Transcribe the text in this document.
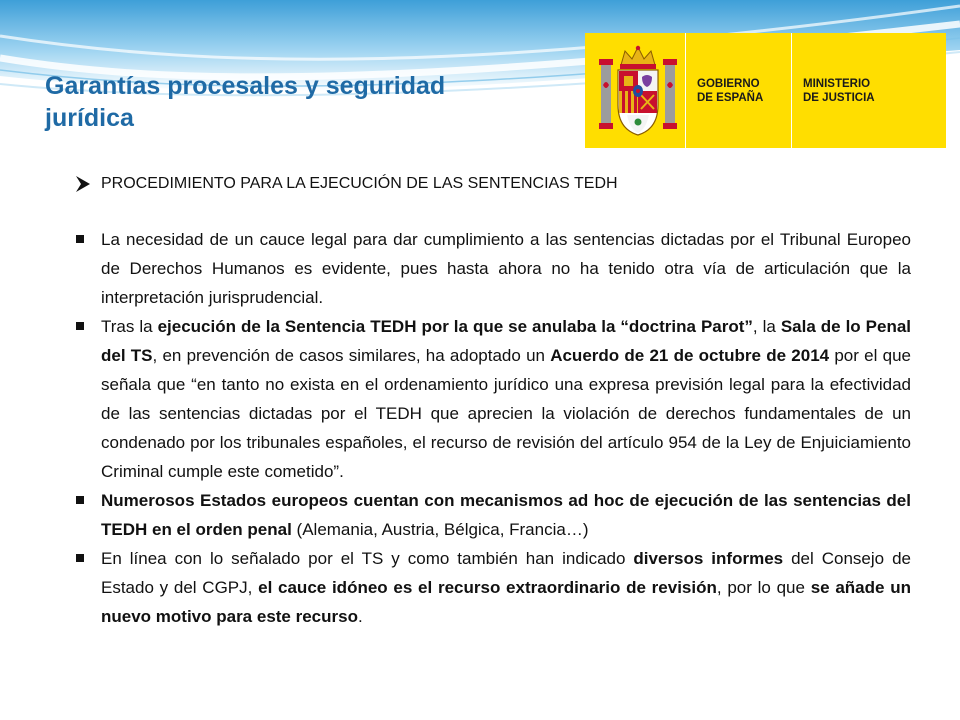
Garantías procesales y seguridad jurídica
GOBIERNO
DE ESPAÑA
MINISTERIO
DE JUSTICIA
PROCEDIMIENTO PARA LA EJECUCIÓN DE LAS SENTENCIAS TEDH
La necesidad de un cauce legal para dar cumplimiento a las sentencias dictadas por el Tribunal Europeo de Derechos Humanos es evidente, pues hasta ahora no ha tenido otra vía de articulación que la interpretación jurisprudencial.
Tras la ejecución de la Sentencia TEDH por la que se anulaba la “doctrina Parot”, la Sala de lo Penal del TS, en prevención de casos similares, ha adoptado un Acuerdo de 21 de octubre de 2014 por el que señala que “en tanto no exista en el ordenamiento jurídico una expresa previsión legal para la efectividad de las sentencias dictadas por el TEDH que aprecien la violación de derechos fundamentales de un condenado por los tribunales españoles, el recurso de revisión del artículo 954 de la Ley de Enjuiciamiento Criminal cumple este cometido”.
Numerosos Estados europeos cuentan con mecanismos ad hoc de ejecución de las sentencias del TEDH en el orden penal (Alemania, Austria, Bélgica, Francia…)
En línea con lo señalado por el TS y como también han indicado diversos informes del Consejo de Estado y del CGPJ, el cauce idóneo es el recurso extraordinario de revisión, por lo que se añade un nuevo motivo para este recurso.
